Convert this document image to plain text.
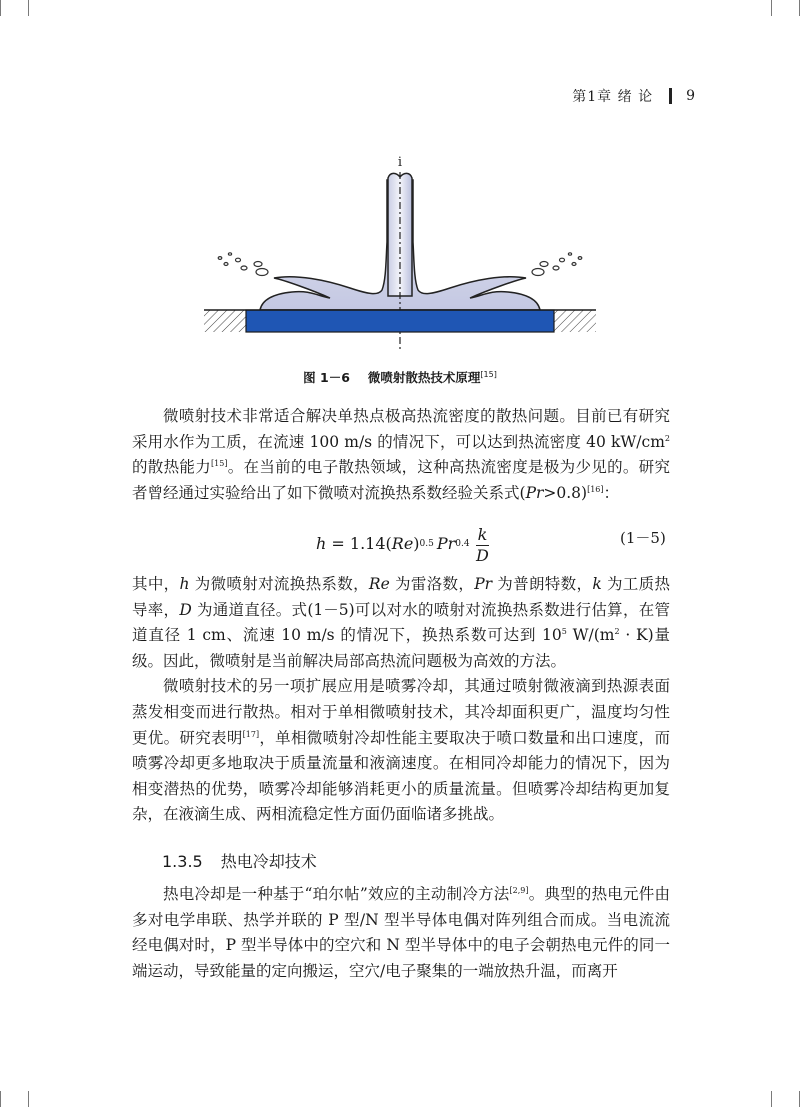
第1章 绪 论 9
i
图 1－6 微喷射散热技术原理[15]

微喷射技术非常适合解决单热点极高热流密度的散热问题。目前已有研究采用水作为工质，在流速 100 m/s 的情况下，可以达到热流密度 40 $kW/cm^2$的散热能力[15]。在当前的电子散热领域，这种高热流密度是极为少见的。研究者曾经通过实验给出了如下微喷对流换热系数经验关系式(Pr>0.8)[16]：

h = 1.14( Re ) 0.5 Pr $0.4 \frac{k}{D}$	(1－5)

其中，h 为微喷射对流换热系数，Re 为雷洛数，Pr 为普朗特数，k 为工质热导率，D 为通道直径。式(1－5)可以对水的喷射对流换热系数进行估算，在管道直径 1 cm、流速 10 m/s 的情况下，换热系数可达到 $10^5$ $W/(m^2 \cdot K)$量级。因此，微喷射是当前解决局部高热流问题极为高效的方法。

微喷射技术的另一项扩展应用是喷雾冷却，其通过喷射微液滴到热源表面蒸发相变而进行散热。相对于单相微喷射技术，其冷却面积更广，温度均匀性更优。研究表明[17]，单相微喷射冷却性能主要取决于喷口数量和出口速度，而喷雾冷却更多地取决于质量流量和液滴速度。在相同冷却能力的情况下，因为相变潜热的优势，喷雾冷却能够消耗更小的质量流量。但喷雾冷却结构更加复杂，在液滴生成、两相流稳定性方面仍面临诸多挑战。

1.3.5 热电冷却技术

热电冷却是一种基于“珀尔帖”效应的主动制冷方法[2,9]。典型的热电元件由多对电学串联、热学并联的 P 型/N 型半导体电偶对阵列组合而成。当电流流经电偶对时，P 型半导体中的空穴和 N 型半导体中的电子会朝热电元件的同一端运动，导致能量的定向搬运，空穴/电子聚集的一端放热升温，而离开
